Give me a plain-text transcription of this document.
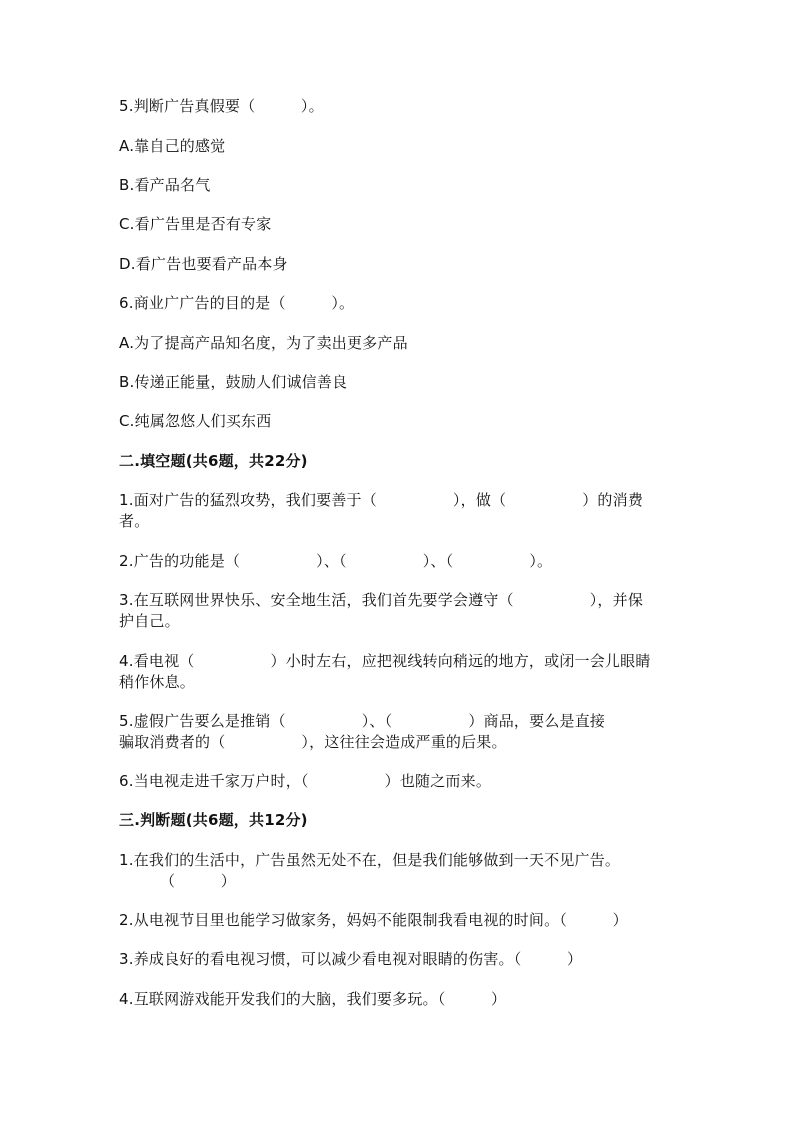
5.判断广告真假要（　　　）。
A.靠自己的感觉
B.看产品名气
C.看广告里是否有专家
D.看广告也要看产品本身
6.商业广广告的目的是（　　　）。
A.为了提高产品知名度，为了卖出更多产品
B.传递正能量，鼓励人们诚信善良
C.纯属忽悠人们买东西
二.填空题(共6题，共22分)
1.面对广告的猛烈攻势，我们要善于（　　　　　），做（　　　　　）的消费
者。
2.广告的功能是（　　　　　）、（　　　　　）、（　　　　　）。
3.在互联网世界快乐、安全地生活，我们首先要学会遵守（　　　　　），并保
护自己。
4.看电视（　　　　　）小时左右，应把视线转向稍远的地方，或闭一会儿眼睛
稍作休息。
5.虚假广告要么是推销（　　　　　）、（　　　　　）商品，要么是直接
骗取消费者的（　　　　　），这往往会造成严重的后果。
6.当电视走进千家万户时，（　　　　　）也随之而来。
三.判断题(共6题，共12分)
1.在我们的生活中，广告虽然无处不在，但是我们能够做到一天不见广告。
（　　　）
2.从电视节目里也能学习做家务，妈妈不能限制我看电视的时间。（　　　）
3.养成良好的看电视习惯，可以减少看电视对眼睛的伤害。（　　　）
4.互联网游戏能开发我们的大脑，我们要多玩。（　　　）
